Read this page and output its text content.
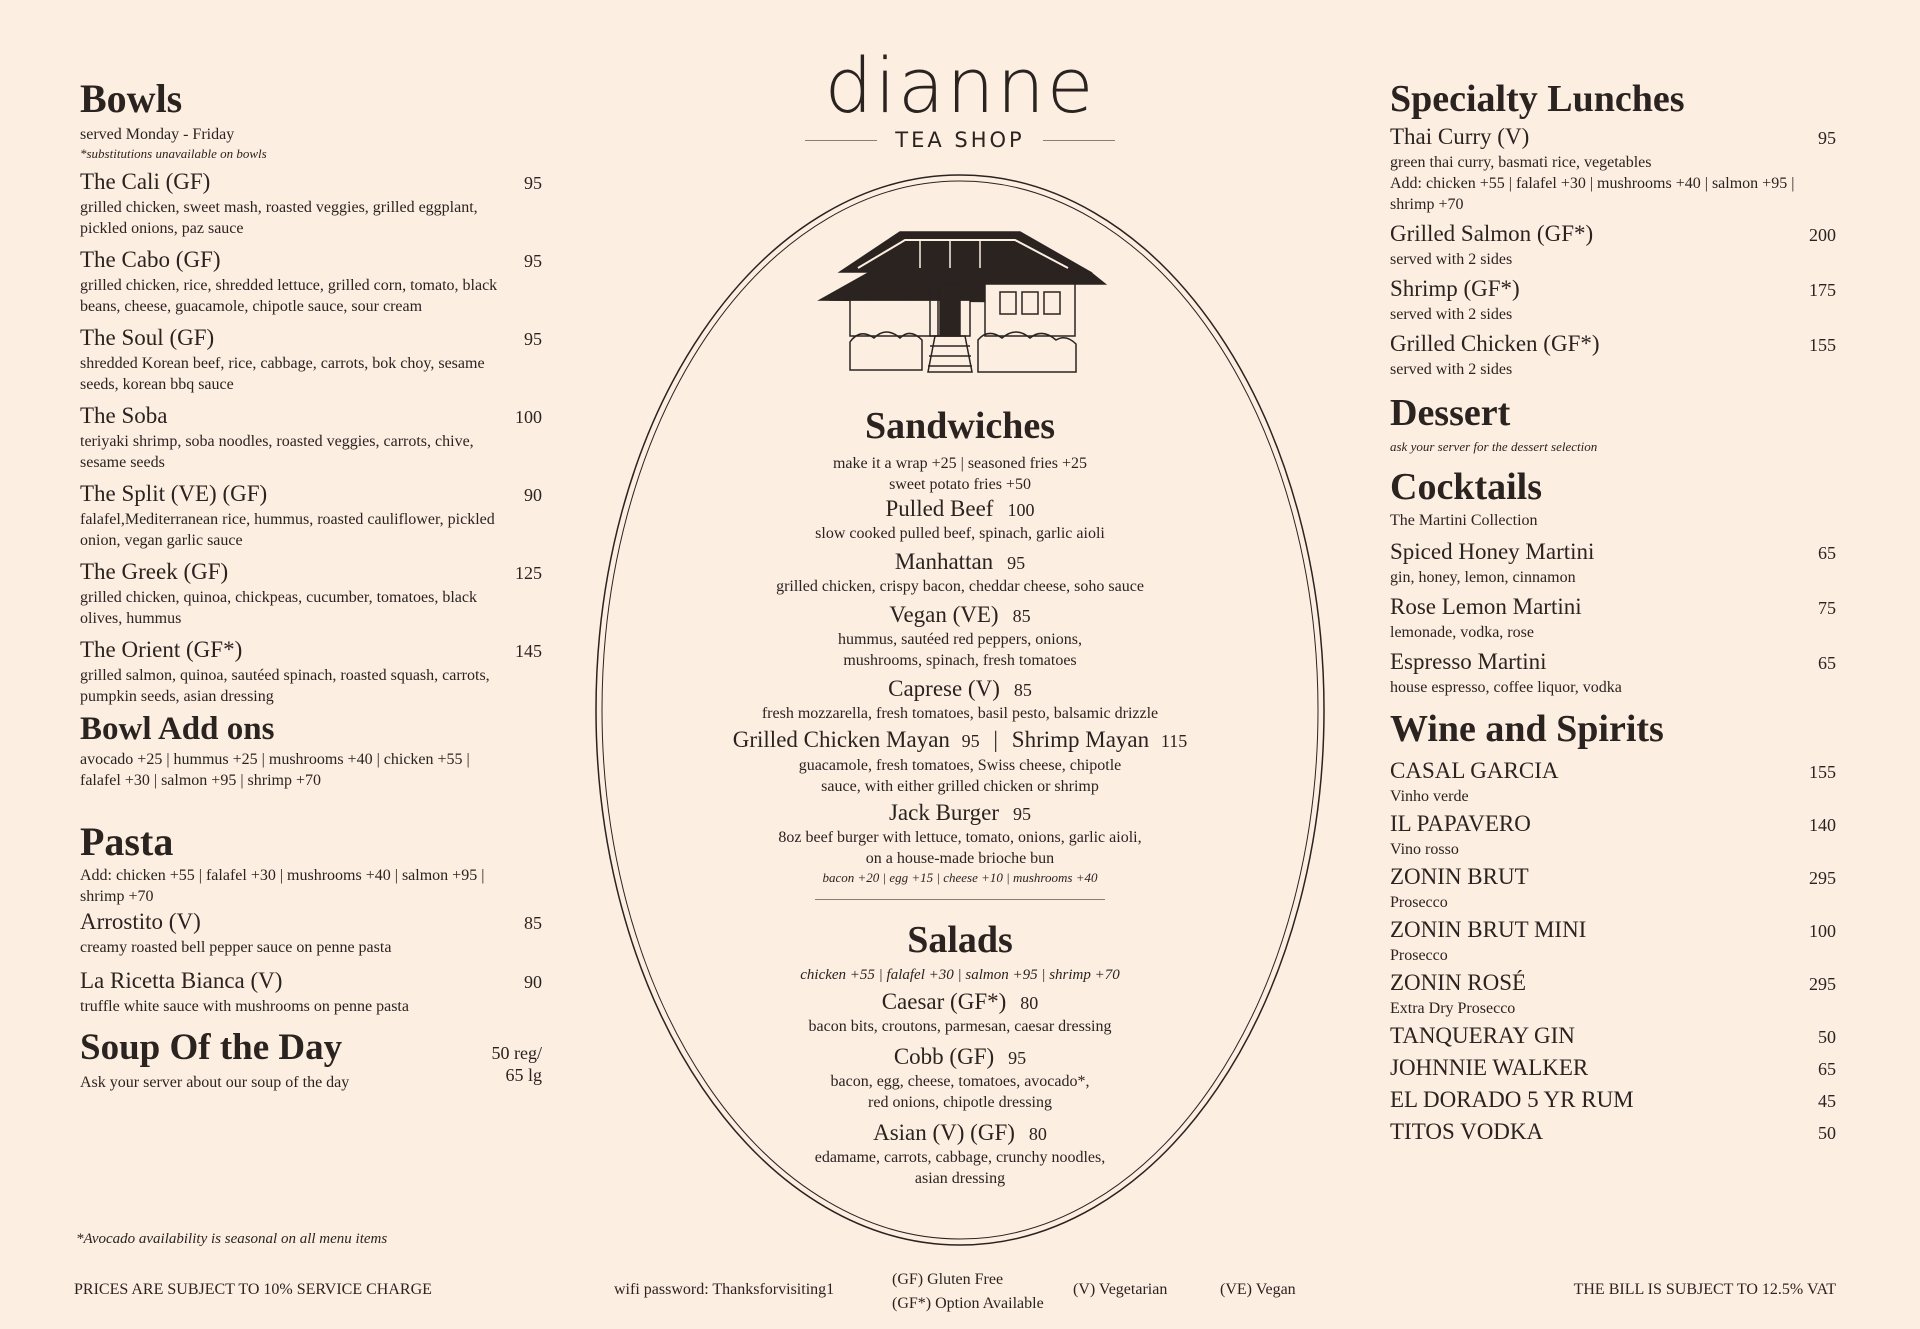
Bowls
served Monday - Friday
*substitutions unavailable on bowls
The Cali (GF)	95
grilled chicken, sweet mash, roasted veggies, grilled eggplant, pickled onions, paz sauce
The Cabo (GF)	95
grilled chicken, rice, shredded lettuce, grilled corn, tomato, black beans, cheese, guacamole, chipotle sauce, sour cream
The Soul (GF)	95
shredded Korean beef, rice, cabbage, carrots, bok choy, sesame seeds, korean bbq sauce
The Soba	100
teriyaki shrimp, soba noodles, roasted veggies, carrots, chive, sesame seeds
The Split (VE) (GF)	90
falafel,Mediterranean rice, hummus, roasted cauliflower, pickled onion, vegan garlic sauce
The Greek (GF)	125
grilled chicken, quinoa, chickpeas, cucumber, tomatoes, black olives, hummus
The Orient (GF*)	145
grilled salmon, quinoa, sautéed spinach, roasted squash, carrots, pumpkin seeds, asian dressing
Bowl Add ons
avocado +25 | hummus +25 | mushrooms +40 | chicken +55 | falafel +30 | salmon +95 | shrimp +70
Pasta
Add: chicken +55 | falafel +30 | mushrooms +40 | salmon +95 | shrimp +70
Arrostito (V)	85
creamy roasted bell pepper sauce on penne pasta
La Ricetta Bianca (V)	90
truffle white sauce with mushrooms on penne pasta
Soup Of the Day	50 reg/
65 lg
Ask your server about our soup of the day
*Avocado availability is seasonal on all menu items
dianne
TEA SHOP
Sandwiches
make it a wrap +25 | seasoned fries +25
sweet potato fries +50
Pulled Beef 100
slow cooked pulled beef, spinach, garlic aioli
Manhattan 95
grilled chicken, crispy bacon, cheddar cheese, soho sauce
Vegan (VE) 85
hummus, sautéed red peppers, onions,
mushrooms, spinach, fresh tomatoes
Caprese (V) 85
fresh mozzarella, fresh tomatoes, basil pesto, balsamic drizzle
Grilled Chicken Mayan 95 | Shrimp Mayan 115
guacamole, fresh tomatoes, Swiss cheese, chipotle
sauce, with either grilled chicken or shrimp
Jack Burger 95
8oz beef burger with lettuce, tomato, onions, garlic aioli,
on a house-made brioche bun
bacon +20 | egg +15 | cheese +10 | mushrooms +40
Salads
chicken +55 | falafel +30 | salmon +95 | shrimp +70
Caesar (GF*) 80
bacon bits, croutons, parmesan, caesar dressing
Cobb (GF) 95
bacon, egg, cheese, tomatoes, avocado*,
red onions, chipotle dressing
Asian (V) (GF) 80
edamame, carrots, cabbage, crunchy noodles,
asian dressing
Specialty Lunches
Thai Curry (V)	95
green thai curry, basmati rice, vegetables
Add: chicken +55 | falafel +30 | mushrooms +40 | salmon +95 | shrimp +70
Grilled Salmon (GF*)	200
served with 2 sides
Shrimp (GF*)	175
served with 2 sides
Grilled Chicken (GF*)	155
served with 2 sides
Dessert
ask your server for the dessert selection
Cocktails
The Martini Collection
Spiced Honey Martini	65
gin, honey, lemon, cinnamon
Rose Lemon Martini	75
lemonade, vodka, rose
Espresso Martini	65
house espresso, coffee liquor, vodka
Wine and Spirits
CASAL GARCIA	155
Vinho verde
IL PAPAVERO	140
Vino rosso
ZONIN BRUT	295
Prosecco
ZONIN BRUT MINI	100
Prosecco
ZONIN ROSÉ	295
Extra Dry Prosecco
TANQUERAY GIN	50
JOHNNIE WALKER	65
EL DORADO 5 YR RUM	45
TITOS VODKA	50
PRICES ARE SUBJECT TO 10% SERVICE CHARGE	wifi password: Thanksforvisiting1
(GF) Gluten Free
(GF*) Option Available
(V) Vegetarian	(VE) Vegan	THE BILL IS SUBJECT TO 12.5% VAT
